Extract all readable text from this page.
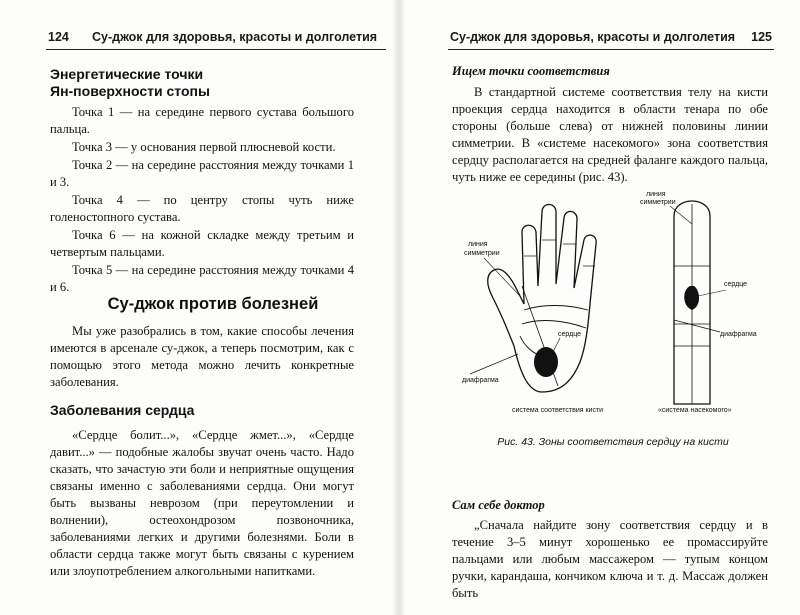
124 Су-джок для здоровья, красоты и долголетия
Энергетические точки
Ян-поверхности стопы

Точка 1 — на середине первого сустава большого пальца.

Точка 3 — у основания первой плюсневой кости.

Точка 2 — на середине расстояния между точками 1 и 3.

Точка 4 — по центру стопы чуть ниже голеностопного сустава.

Точка 6 — на кожной складке между третьим и четвертым пальцами.

Точка 5 — на середине расстояния между точками 4 и 6.

Су-джок против болезней

Мы уже разобрались в том, какие способы лечения имеются в арсенале су-джок, а теперь посмотрим, как с помощью этого метода можно лечить конкретные заболевания.

Заболевания сердца

«Сердце болит...», «Сердце жмет...», «Сердце давит...» — подобные жалобы звучат очень часто. Надо сказать, что зачастую эти боли и неприятные ощущения связаны именно с заболеваниями сердца. Они могут быть вызваны неврозом (при переутомлении и волнении), остеохондрозом позвоночника, заболеваниями легких и другими болезнями. Боли в области сердца также могут быть связаны с курением или злоупотреблением алкогольными напитками.

Су-джок для здоровья, красоты и долголетия 125
Ищем точки соответствия

В стандартной системе соответствия телу на кисти проекция сердца находится в области тенара по обе стороны (больше слева) от нижней половины линии симметрии. В «системе насекомого» зона соответствия сердцу располагается на средней фаланге каждого пальца, чуть ниже ее середины (рис. 43).

линия
симметрии
сердце
диафрагма
система соответствия кисти
линия
симметрии
сердце
диафрагма
«система насекомого»
Рис. 43. Зоны соответствия сердцу на кисти
Сам себе доктор

„Сначала найдите зону соответствия сердцу и в течение 3–5 минут хорошенько ее промассируйте пальцами или любым массажером — тупым концом ручки, карандаша, кончиком ключа и т. д. Массаж должен быть
